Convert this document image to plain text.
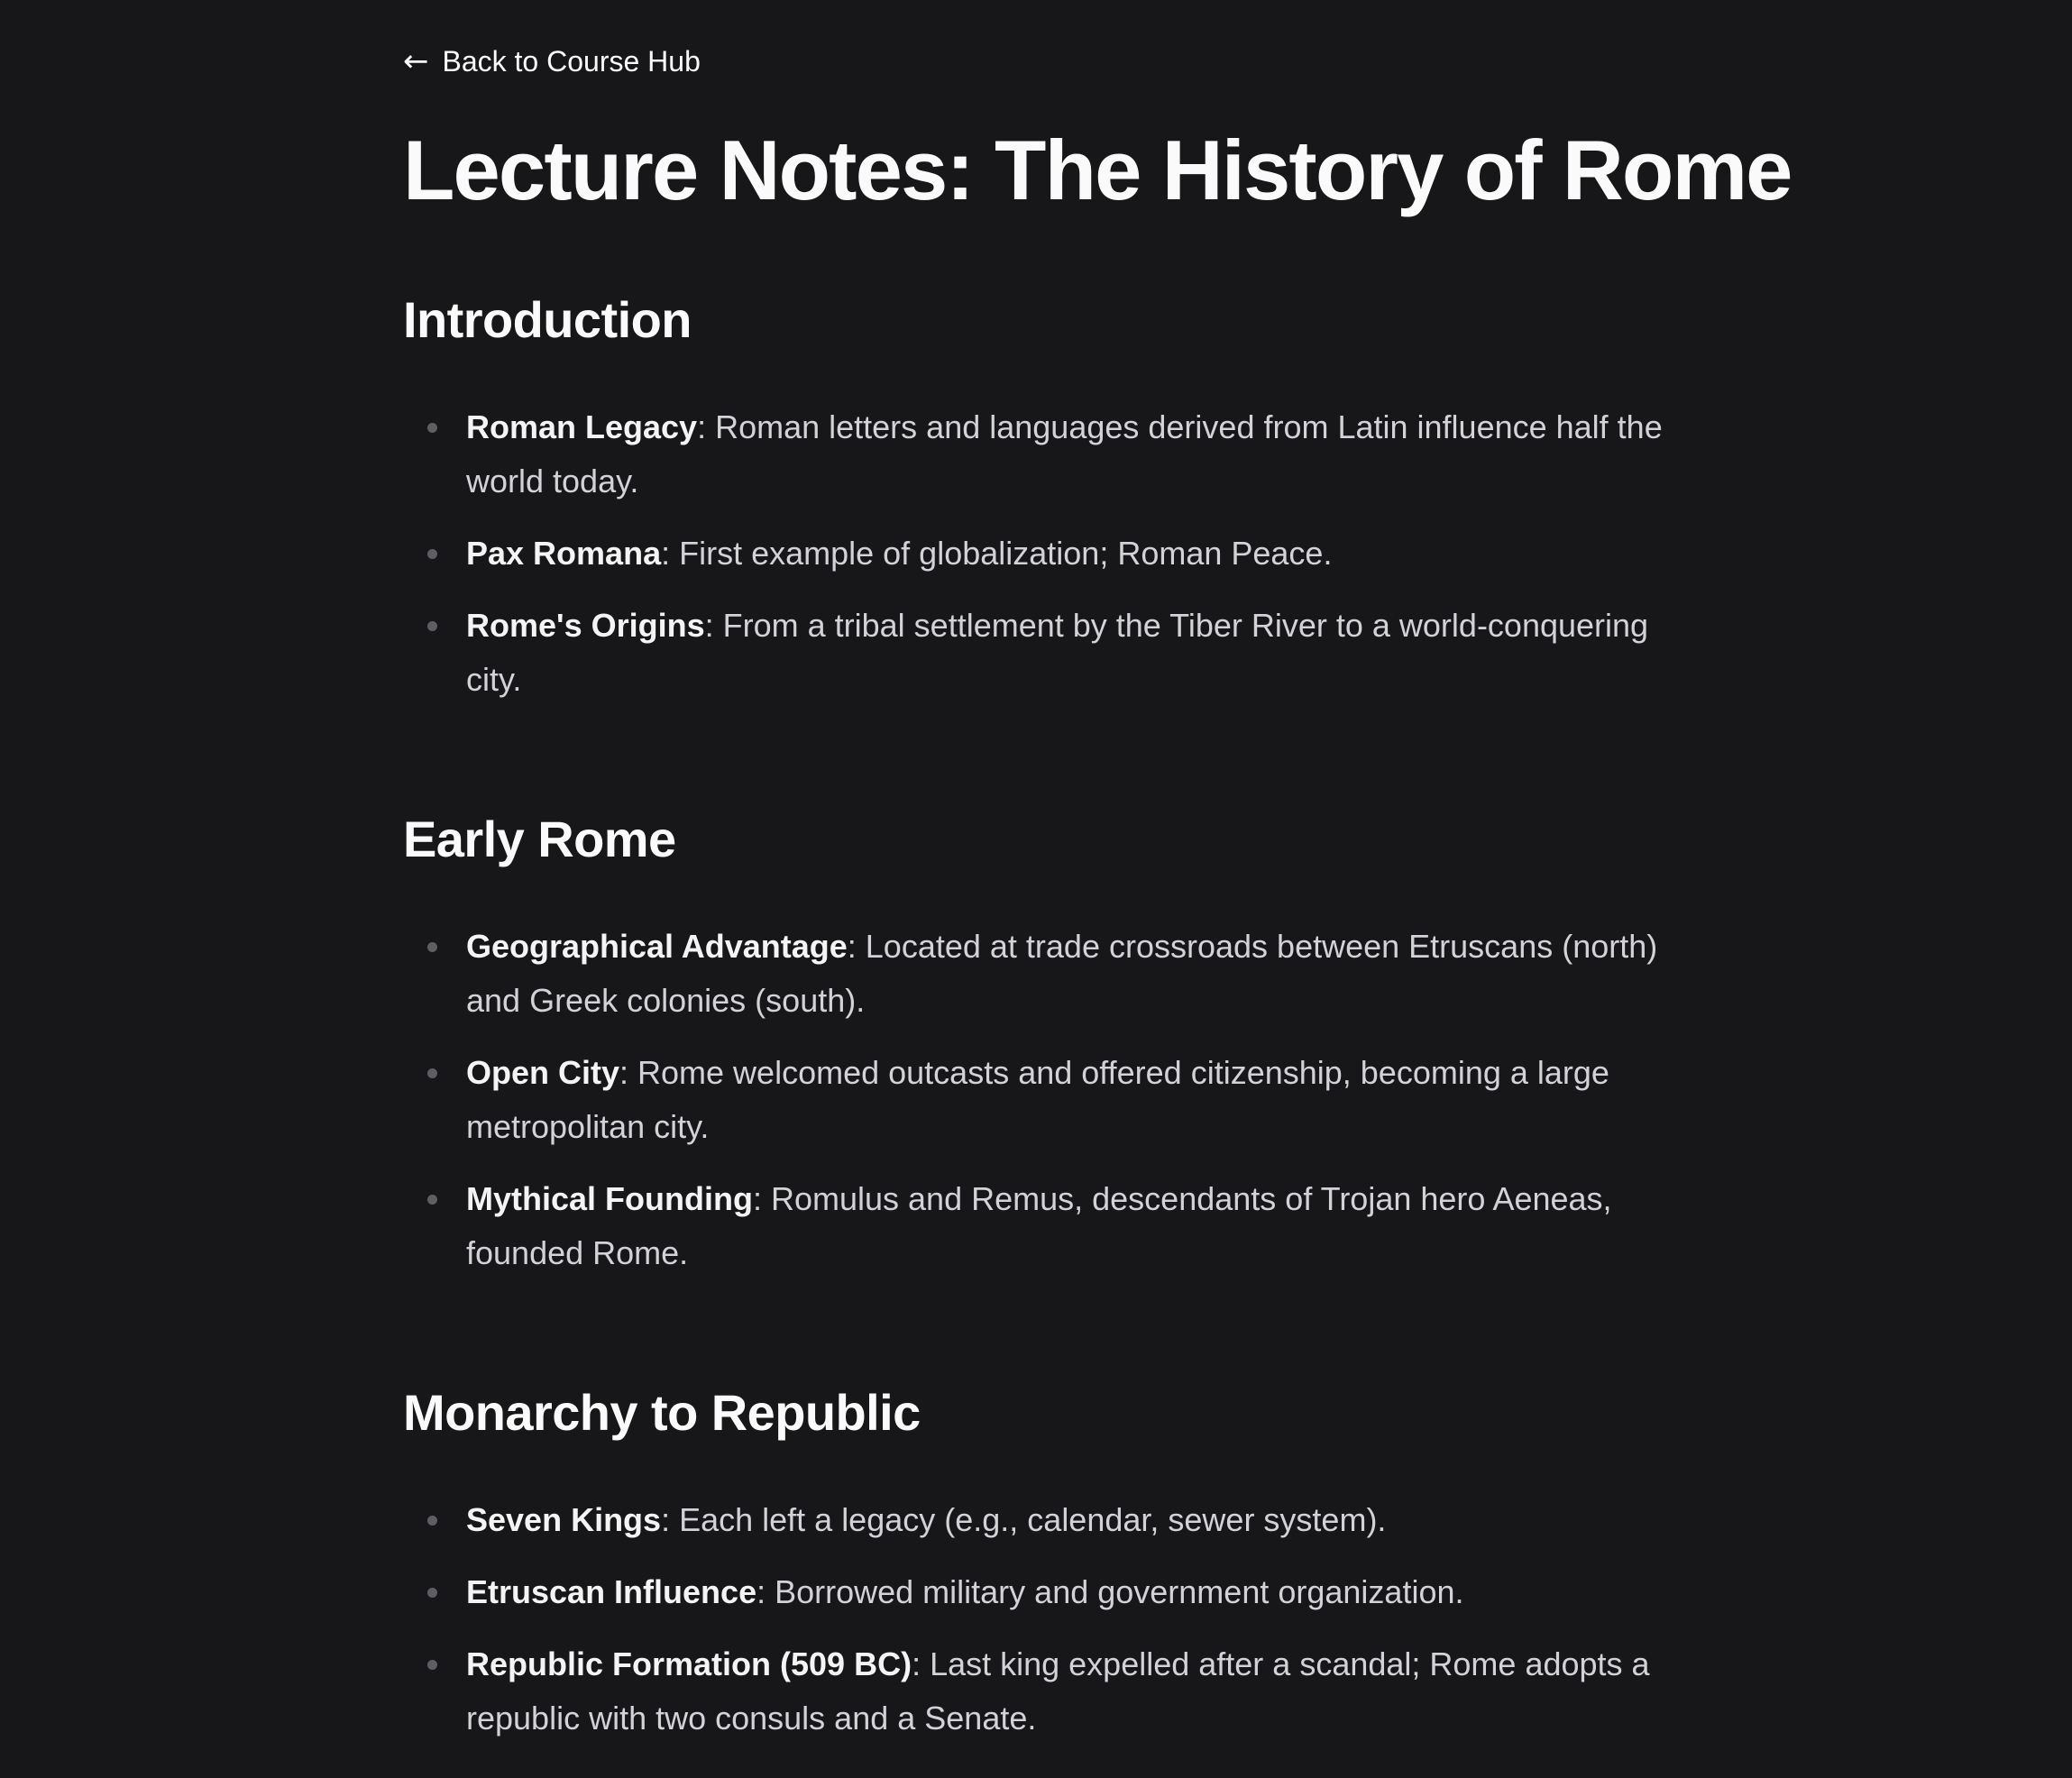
← Back to Course Hub
Lecture Notes: The History of Rome
Introduction
Roman Legacy: Roman letters and languages derived from Latin influence half the world today.
Pax Romana: First example of globalization; Roman Peace.
Rome's Origins: From a tribal settlement by the Tiber River to a world-conquering city.
Early Rome
Geographical Advantage: Located at trade crossroads between Etruscans (north) and Greek colonies (south).
Open City: Rome welcomed outcasts and offered citizenship, becoming a large metropolitan city.
Mythical Founding: Romulus and Remus, descendants of Trojan hero Aeneas, founded Rome.
Monarchy to Republic
Seven Kings: Each left a legacy (e.g., calendar, sewer system).
Etruscan Influence: Borrowed military and government organization.
Republic Formation (509 BC): Last king expelled after a scandal; Rome adopts a republic with two consuls and a Senate.
